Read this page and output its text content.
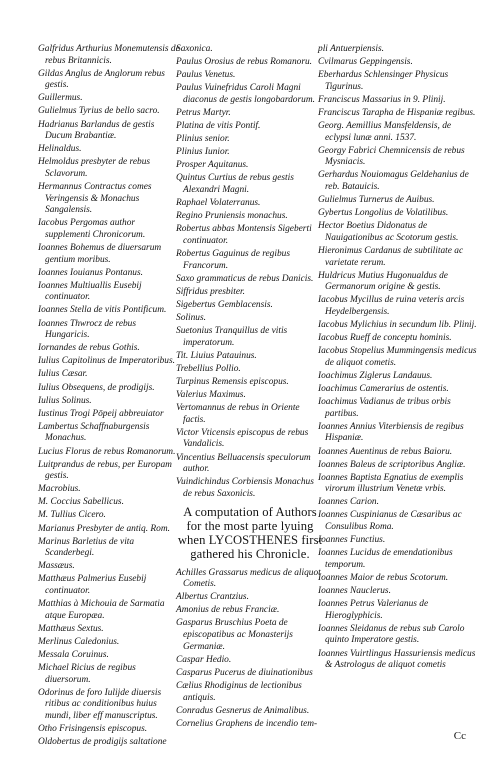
Galfridus Arthurius Monemutensis de rebus Britannicis.
Gildas Anglus de Anglorum rebus gestis.
Guillermus.
Gulielmus Tyrius de bello sacro.
Hadrianus Barlandus de gestis Ducum Brabantiæ.
Helinaldus.
Helmoldus presbyter de rebus Sclavorum.
Hermannus Contractus comes Veringensis & Monachus Sangalensis.
Iacobus Pergomas author supplementi Chronicorum.
Ioannes Bohemus de diuersarum gentium moribus.
Ioannes Iouianus Pontanus.
Ioannes Multiuallis Eusebij continuator.
Ioannes Stella de vitis Pontificum.
Ioannes Thwrocz de rebus Hungaricis.
Iornandes de rebus Gothis.
Iulius Capitolinus de Imperatoribus.
Iulius Cæsar.
Iulius Obsequens, de prodigijs.
Iulius Solinus.
Iustinus Trogi Pōpeij abbreuiator
Lambertus Schaffnaburgensis Monachus.
Lucius Florus de rebus Romanorum.
Luitprandus de rebus, per Europam gestis.
Macrobius.
M. Coccius Sabellicus.
M. Tullius Cicero.
Marianus Presbyter de antiq. Rom.
Marinus Barletius de vita Scanderbegi.
Massæus.
Matthæus Palmerius Eusebij continuator.
Matthias à Michouia de Sarmatia atque Europæa.
Matthæus Sextus.
Merlinus Caledonius.
Messala Coruinus.
Michael Ricius de regibus diuersorum.
Odorinus de foro Iulijde diuersis ritibus ac conditionibus huius mundi, liber eff manuscriptus.
Otho Frisingensis episcopus.
Oldobertus de prodigijs saltatione
Saxonica.
Paulus Orosius de rebus Romanoru.
Paulus Venetus.
Paulus Vuinefridus Caroli Magni diaconus de gestis longobardorum.
Petrus Martyr.
Platina de vitis Pontif.
Plinius senior.
Plinius Iunior.
Prosper Aquitanus.
Quintus Curtius de rebus gestis Alexandri Magni.
Raphael Volaterranus.
Regino Pruniensis monachus.
Robertus abbas Montensis Sigeberti continuator.
Robertus Gaguinus de regibus Francorum.
Saxo grammaticus de rebus Danicis.
Siffridus presbiter.
Sigebertus Gemblacensis.
Solinus.
Suetonius Tranquillus de vitis imperatorum.
Tit. Liuius Patauinus.
Trebellius Pollio.
Turpinus Remensis episcopus.
Valerius Maximus.
Vertomannus de rebus in Oriente factis.
Victor Vticensis episcopus de rebus Vandalicis.
Vincentius Belluacensis speculorum author.
Vuindichindus Corbiensis Monachus de rebus Saxonicis.
A computation of Authors for the most parte lyuing when LYCOSTHENES first gathered his Chronicle.
Achilles Grassarus medicus de aliquot Cometis.
Albertus Crantzius.
Amonius de rebus Franciæ.
Gasparus Bruschius Poeta de episcopatibus ac Monasterijs Germaniæ.
Caspar Hedio.
Casparus Pucerus de diuinationibus
Cælius Rhodiginus de lectionibus antiquis.
Conradus Gesnerus de Animalibus.
Cornelius Graphens de incendio tem-
pli Antuerpiensis.
Cvilmarus Geppingensis.
Eberhardus Schlensinger Physicus Tigurinus.
Franciscus Massarius in 9. Plinij.
Franciscus Tarapha de Hispaniæ regibus.
Georg. Aemillius Mansfeldensis, de eclypsi lunæ anni. 1537.
Georgy Fabrici Chemnicensis de rebus Mysniacis.
Gerhardus Nouiomagus Geldehanius de reb. Batauicis.
Gulielmus Turnerus de Auibus.
Gybertus Longolius de Volatilibus.
Hector Boetius Didonatus de Nauigationibus ac Scotorum gestis.
Hieronimus Cardanus de subtilitate ac varietate rerum.
Huldricus Mutius Hugonualdus de Germanorum origine & gestis.
Iacobus Mycillus de ruina veteris arcis Heydelbergensis.
Iacobus Mylichius in secundum lib. Plinij.
Iacobus Rueff de conceptu hominis.
Iacobus Stopelius Mummingensis medicus de aliquot cometis.
Ioachimus Ziglerus Landauus.
Ioachimus Camerarius de ostentis.
Ioachimus Vadianus de tribus orbis partibus.
Ioannes Annius Viterbiensis de regibus Hispaniæ.
Ioannes Auentinus de rebus Baioru.
Ioannes Baleus de scriptoribus Angliæ.
Ioannes Baptista Egnatius de exemplis virorum illustrium Venetæ vrbis.
Ioannes Carion.
Ioannes Cuspinianus de Cæsaribus ac Consulibus Roma.
Ioannes Functius.
Ioannes Lucidus de emendationibus temporum.
Ioannes Maior de rebus Scotorum.
Ioannes Nauclerus.
Ioannes Petrus Valerianus de Hieroglyphicis.
Ioannes Sleidanus de rebus sub Carolo quinto Imperatore gestis.
Ioannes Vuirtlingus Hassuriensis medicus & Astrologus de aliquot cometis
Cc
